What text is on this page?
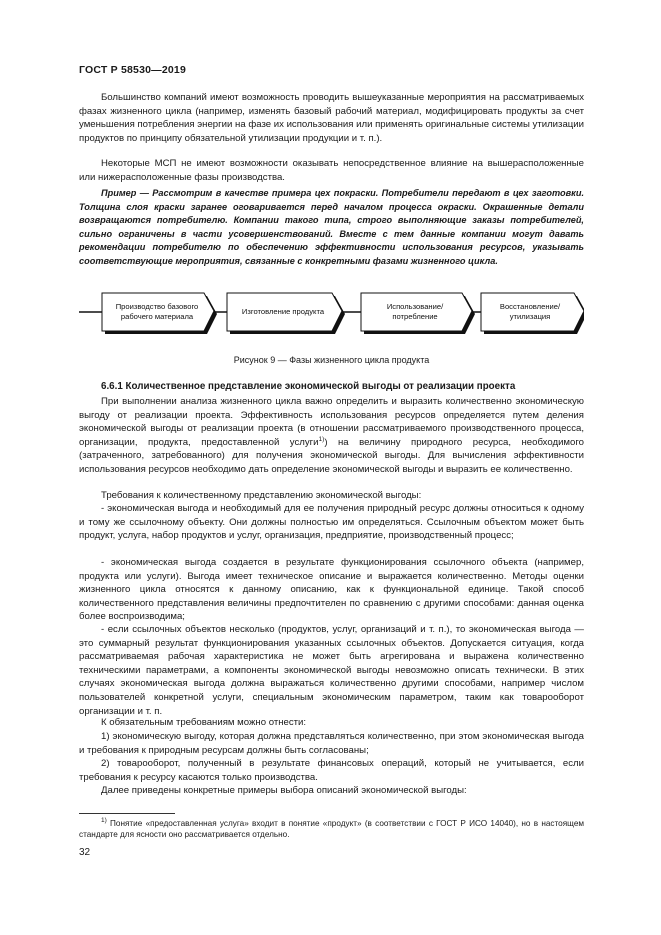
ГОСТ Р 58530—2019

Большинство компаний имеют возможность проводить вышеуказанные мероприятия на рассматриваемых фазах жизненного цикла (например, изменять базовый рабочий материал, модифицировать продукты за счет уменьшения потребления энергии на фазе их использования или применять оригинальные системы утилизации продуктов по принципу обязательной утилизации продукции и т. п.).

Некоторые МСП не имеют возможности оказывать непосредственное влияние на вышерасположенные или нижерасположенные фазы производства.

Пример — Рассмотрим в качестве примера цех покраски. Потребители передают в цех заготовки. Толщина слоя краски заранее оговаривается перед началом процесса окраски. Окрашенные детали возвращаются потребителю. Компании такого типа, строго выполняющие заказы потребителей, сильно ограничены в части усовершенствований. Вместе с тем данные компании могут давать рекомендации потребителю по обеспечению эффективности использования ресурсов, указывать соответствующие мероприятия, связанные с конкретными фазами жизненного цикла.

Производство базового рабочего материала
Изготовление продукта
Использование/ потребление
Восстановление/ утилизация
Рисунок 9 — Фазы жизненного цикла продукта
6.6.1 Количественное представление экономической выгоды от реализации проекта

При выполнении анализа жизненного цикла важно определить и выразить количественно экономическую выгоду от реализации проекта. Эффективность использования ресурсов определяется путем деления экономической выгоды от реализации проекта (в отношении рассматриваемого производственного процесса, организации, продукта, предоставленной услуги$^{1)}$) на величину природного ресурса, необходимого (затраченного, затребованного) для получения экономической выгоды. Для вычисления эффективности использования ресурсов необходимо дать определение экономической выгоды и выразить ее количественно.

Требования к количественному представлению экономической выгоды:

- экономическая выгода и необходимый для ее получения природный ресурс должны относиться к одному и тому же ссылочному объекту. Они должны полностью им определяться. Ссылочным объектом может быть продукт, услуга, набор продуктов и услуг, организация, предприятие, производственный процесс;

- экономическая выгода создается в результате функционирования ссылочного объекта (например, продукта или услуги). Выгода имеет техническое описание и выражается количественно. Методы оценки жизненного цикла относятся к данному описанию, как к функциональной единице. Такой способ количественного представления величины предпочтителен по сравнению с другими способами: данная оценка более воспроизводима;

- если ссылочных объектов несколько (продуктов, услуг, организаций и т. п.), то экономическая выгода — это суммарный результат функционирования указанных ссылочных объектов. Допускается ситуация, когда рассматриваемая рабочая характеристика не может быть агрегирована и выражена количественно техническими параметрами, а компоненты экономической выгоды невозможно описать технически. В этих случаях экономическая выгода должна выражаться количественно другими способами, например числом пользователей конкретной услуги, специальным экономическим параметром, таким как товарооборот организации и т. п.

К обязательным требованиям можно отнести:

1) экономическую выгоду, которая должна представляться количественно, при этом экономическая выгода и требования к природным ресурсам должны быть согласованы;

2) товарооборот, полученный в результате финансовых операций, который не учитывается, если требования к ресурсу касаются только производства.

Далее приведены конкретные примеры выбора описаний экономической выгоды:

$^{1)}$ Понятие «предоставленная услуга» входит в понятие «продукт» (в соответствии с ГОСТ Р ИСО 14040), но в настоящем стандарте для ясности оно рассматривается отдельно.
32
